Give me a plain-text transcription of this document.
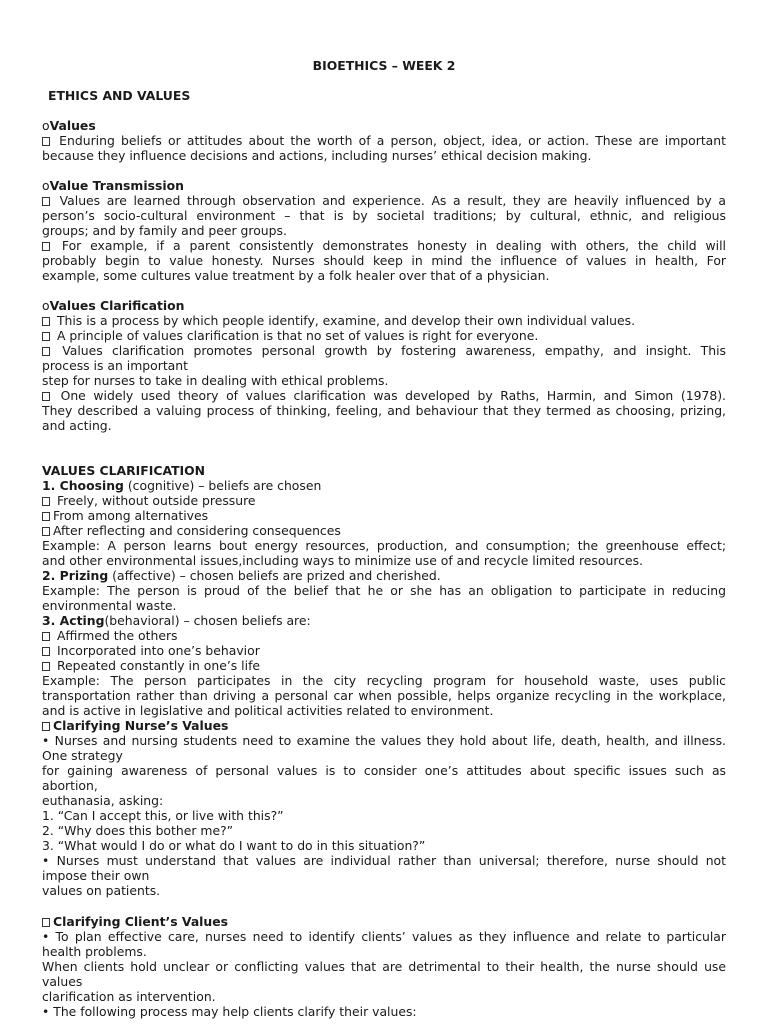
BIOETHICS – WEEK 2
ETHICS AND VALUES
oValues
Enduring beliefs or attitudes about the worth of a person, object, idea, or action. These are important
because they influence decisions and actions, including nurses’ ethical decision making.
oValue Transmission
Values are learned through observation and experience. As a result, they are heavily influenced by a
person’s socio-cultural environment – that is by societal traditions; by cultural, ethnic, and religious
groups; and by family and peer groups.
For example, if a parent consistently demonstrates honesty in dealing with others, the child will
probably begin to value honesty. Nurses should keep in mind the influence of values in health, For
example, some cultures value treatment by a folk healer over that of a physician.
oValues Clarification
This is a process by which people identify, examine, and develop their own individual values.
A principle of values clarification is that no set of values is right for everyone.
Values clarification promotes personal growth by fostering awareness, empathy, and insight. This
process is an important
step for nurses to take in dealing with ethical problems.
One widely used theory of values clarification was developed by Raths, Harmin, and Simon (1978).
They described a valuing process of thinking, feeling, and behaviour that they termed as choosing, prizing,
and acting.
VALUES CLARIFICATION
1. Choosing (cognitive) – beliefs are chosen
Freely, without outside pressure
From among alternatives
After reflecting and considering consequences
Example: A person learns bout energy resources, production, and consumption; the greenhouse effect;
and other environmental issues,including ways to minimize use of and recycle limited resources.
2. Prizing (affective) – chosen beliefs are prized and cherished.
Example: The person is proud of the belief that he or she has an obligation to participate in reducing
environmental waste.
3. Acting(behavioral) – chosen beliefs are:
Affirmed the others
Incorporated into one’s behavior
Repeated constantly in one’s life
Example: The person participates in the city recycling program for household waste, uses public
transportation rather than driving a personal car when possible, helps organize recycling in the workplace,
and is active in legislative and political activities related to environment.
Clarifying Nurse’s Values
• Nurses and nursing students need to examine the values they hold about life, death, health, and illness.
One strategy
for gaining awareness of personal values is to consider one’s attitudes about specific issues such as
abortion,
euthanasia, asking:
1. “Can I accept this, or live with this?”
2. “Why does this bother me?”
3. “What would I do or what do I want to do in this situation?”
• Nurses must understand that values are individual rather than universal; therefore, nurse should not
impose their own
values on patients.
Clarifying Client’s Values
• To plan effective care, nurses need to identify clients’ values as they influence and relate to particular
health problems.
When clients hold unclear or conflicting values that are detrimental to their health, the nurse should use
values
clarification as intervention.
• The following process may help clients clarify their values:
